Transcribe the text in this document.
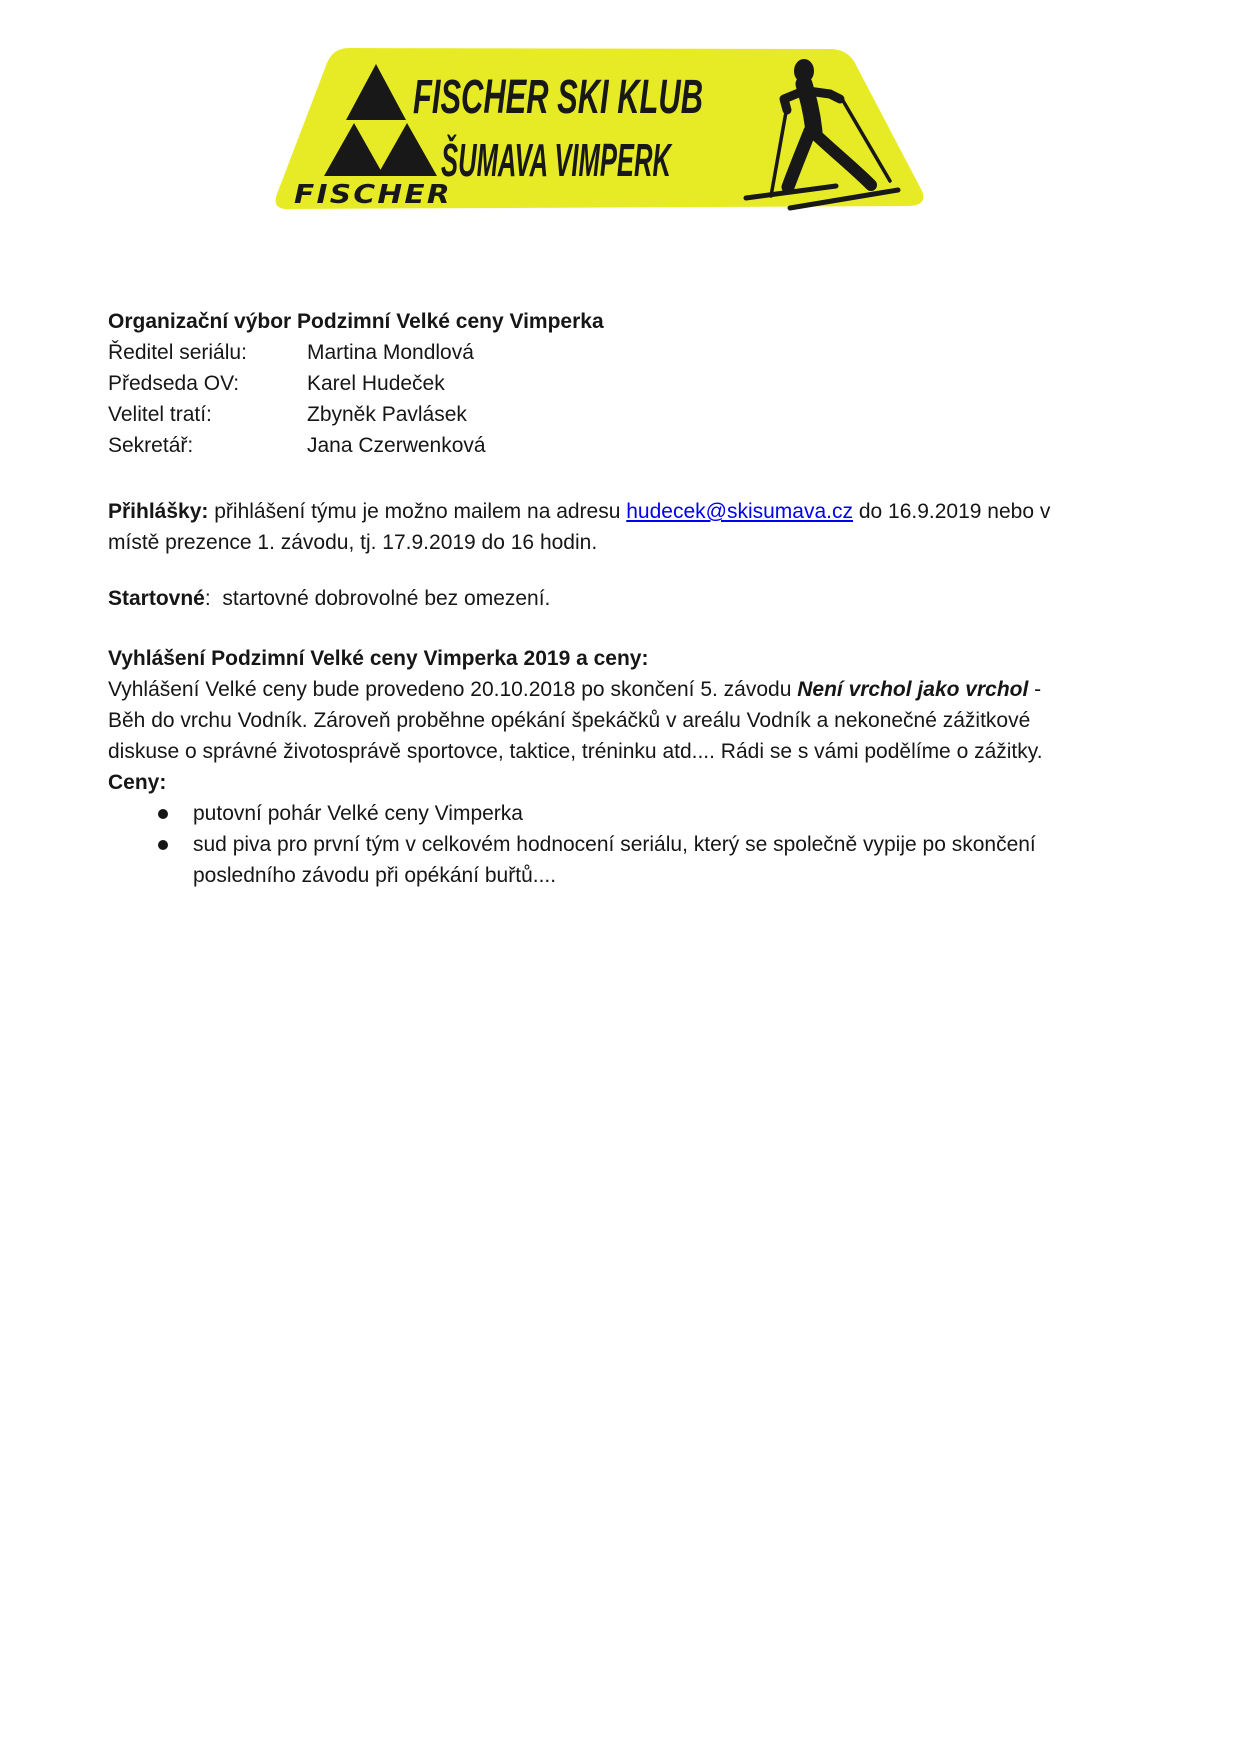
FISCHER
FISCHER SKI KLUB
ŠUMAVA VIMPERK
Organizační výbor Podzimní Velké ceny Vimperka
Ředitel seriálu:	Martina Mondlová
Předseda OV:	Karel Hudeček
Velitel tratí:	Zbyněk Pavlásek
Sekretář:	Jana Czerwenková
Přihlášky: přihlášení týmu je možno mailem na adresu hudecek@skisumava.cz do 16.9.2019 nebo v
místě prezence 1. závodu, tj. 17.9.2019 do 16 hodin.
Startovné:  startovné dobrovolné bez omezení.
Vyhlášení Podzimní Velké ceny Vimperka 2019 a ceny:
Vyhlášení Velké ceny bude provedeno 20.10.2018 po skončení 5. závodu Není vrchol jako vrchol -
Běh do vrchu Vodník. Zároveň proběhne opékání špekáčků v areálu Vodník a nekonečné zážitkové
diskuse o správné životosprávě sportovce, taktice, tréninku atd.... Rádi se s vámi podělíme o zážitky.
Ceny:
putovní pohár Velké ceny Vimperka
sud piva pro první tým v celkovém hodnocení seriálu, který se společně vypije po skončení
posledního závodu při opékání buřtů....
